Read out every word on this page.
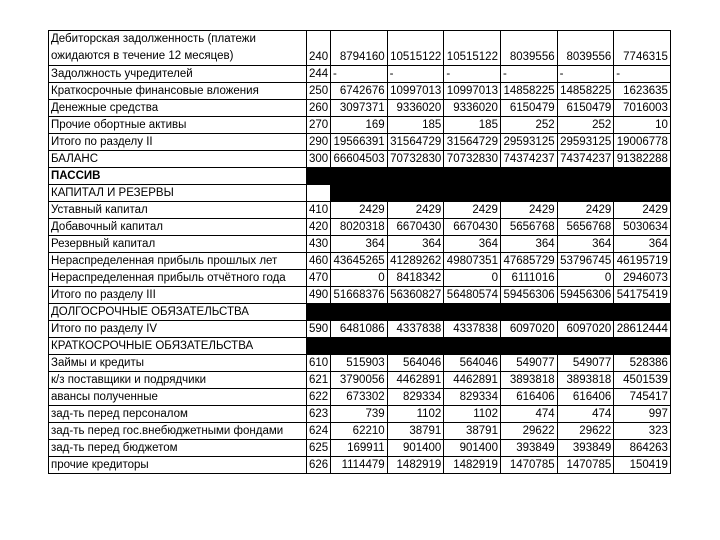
Дебиторская задолженность (платежи ожидаются в течение 12 месяцев)	240	8794160	10515122	10515122	8039556	8039556	7746315
Задолжность учредителей	244	-	-	-	-	-	-
Краткосрочные финансовые вложения	250	6742676	10997013	10997013	14858225	14858225	1623635
Денежные средства	260	3097371	9336020	9336020	6150479	6150479	7016003
Прочие обортные активы	270	169	185	185	252	252	10
Итого по разделу II	290	19566391	31564729	31564729	29593125	29593125	19006778
БАЛАНС	300	66604503	70732830	70732830	74374237	74374237	91382288
ПАССИВ							
КАПИТАЛ И РЕЗЕРВЫ							
Уставный капитал	410	2429	2429	2429	2429	2429	2429
Добавочный капитал	420	8020318	6670430	6670430	5656768	5656768	5030634
Резервный капитал	430	364	364	364	364	364	364
Нераспределенная прибыль прошлых лет	460	43645265	41289262	49807351	47685729	53796745	46195719
Нераспределенная прибыль отчётного года	470	0	8418342	0	6111016	0	2946073
Итого по разделу III	490	51668376	56360827	56480574	59456306	59456306	54175419
ДОЛГОСРОЧНЫЕ ОБЯЗАТЕЛЬСТВА							
Итого по разделу IV	590	6481086	4337838	4337838	6097020	6097020	28612444
КРАТКОСРОЧНЫЕ ОБЯЗАТЕЛЬСТВА							
Займы и кредиты	610	515903	564046	564046	549077	549077	528386
к/з поставщики и подрядчики	621	3790056	4462891	4462891	3893818	3893818	4501539
авансы полученные	622	673302	829334	829334	616406	616406	745417
зад-ть перед персоналом	623	739	1102	1102	474	474	997
зад-ть перед гос.внебюджетными фондами	624	62210	38791	38791	29622	29622	323
зад-ть перед бюджетом	625	169911	901400	901400	393849	393849	864263
прочие кредиторы	626	1114479	1482919	1482919	1470785	1470785	150419
